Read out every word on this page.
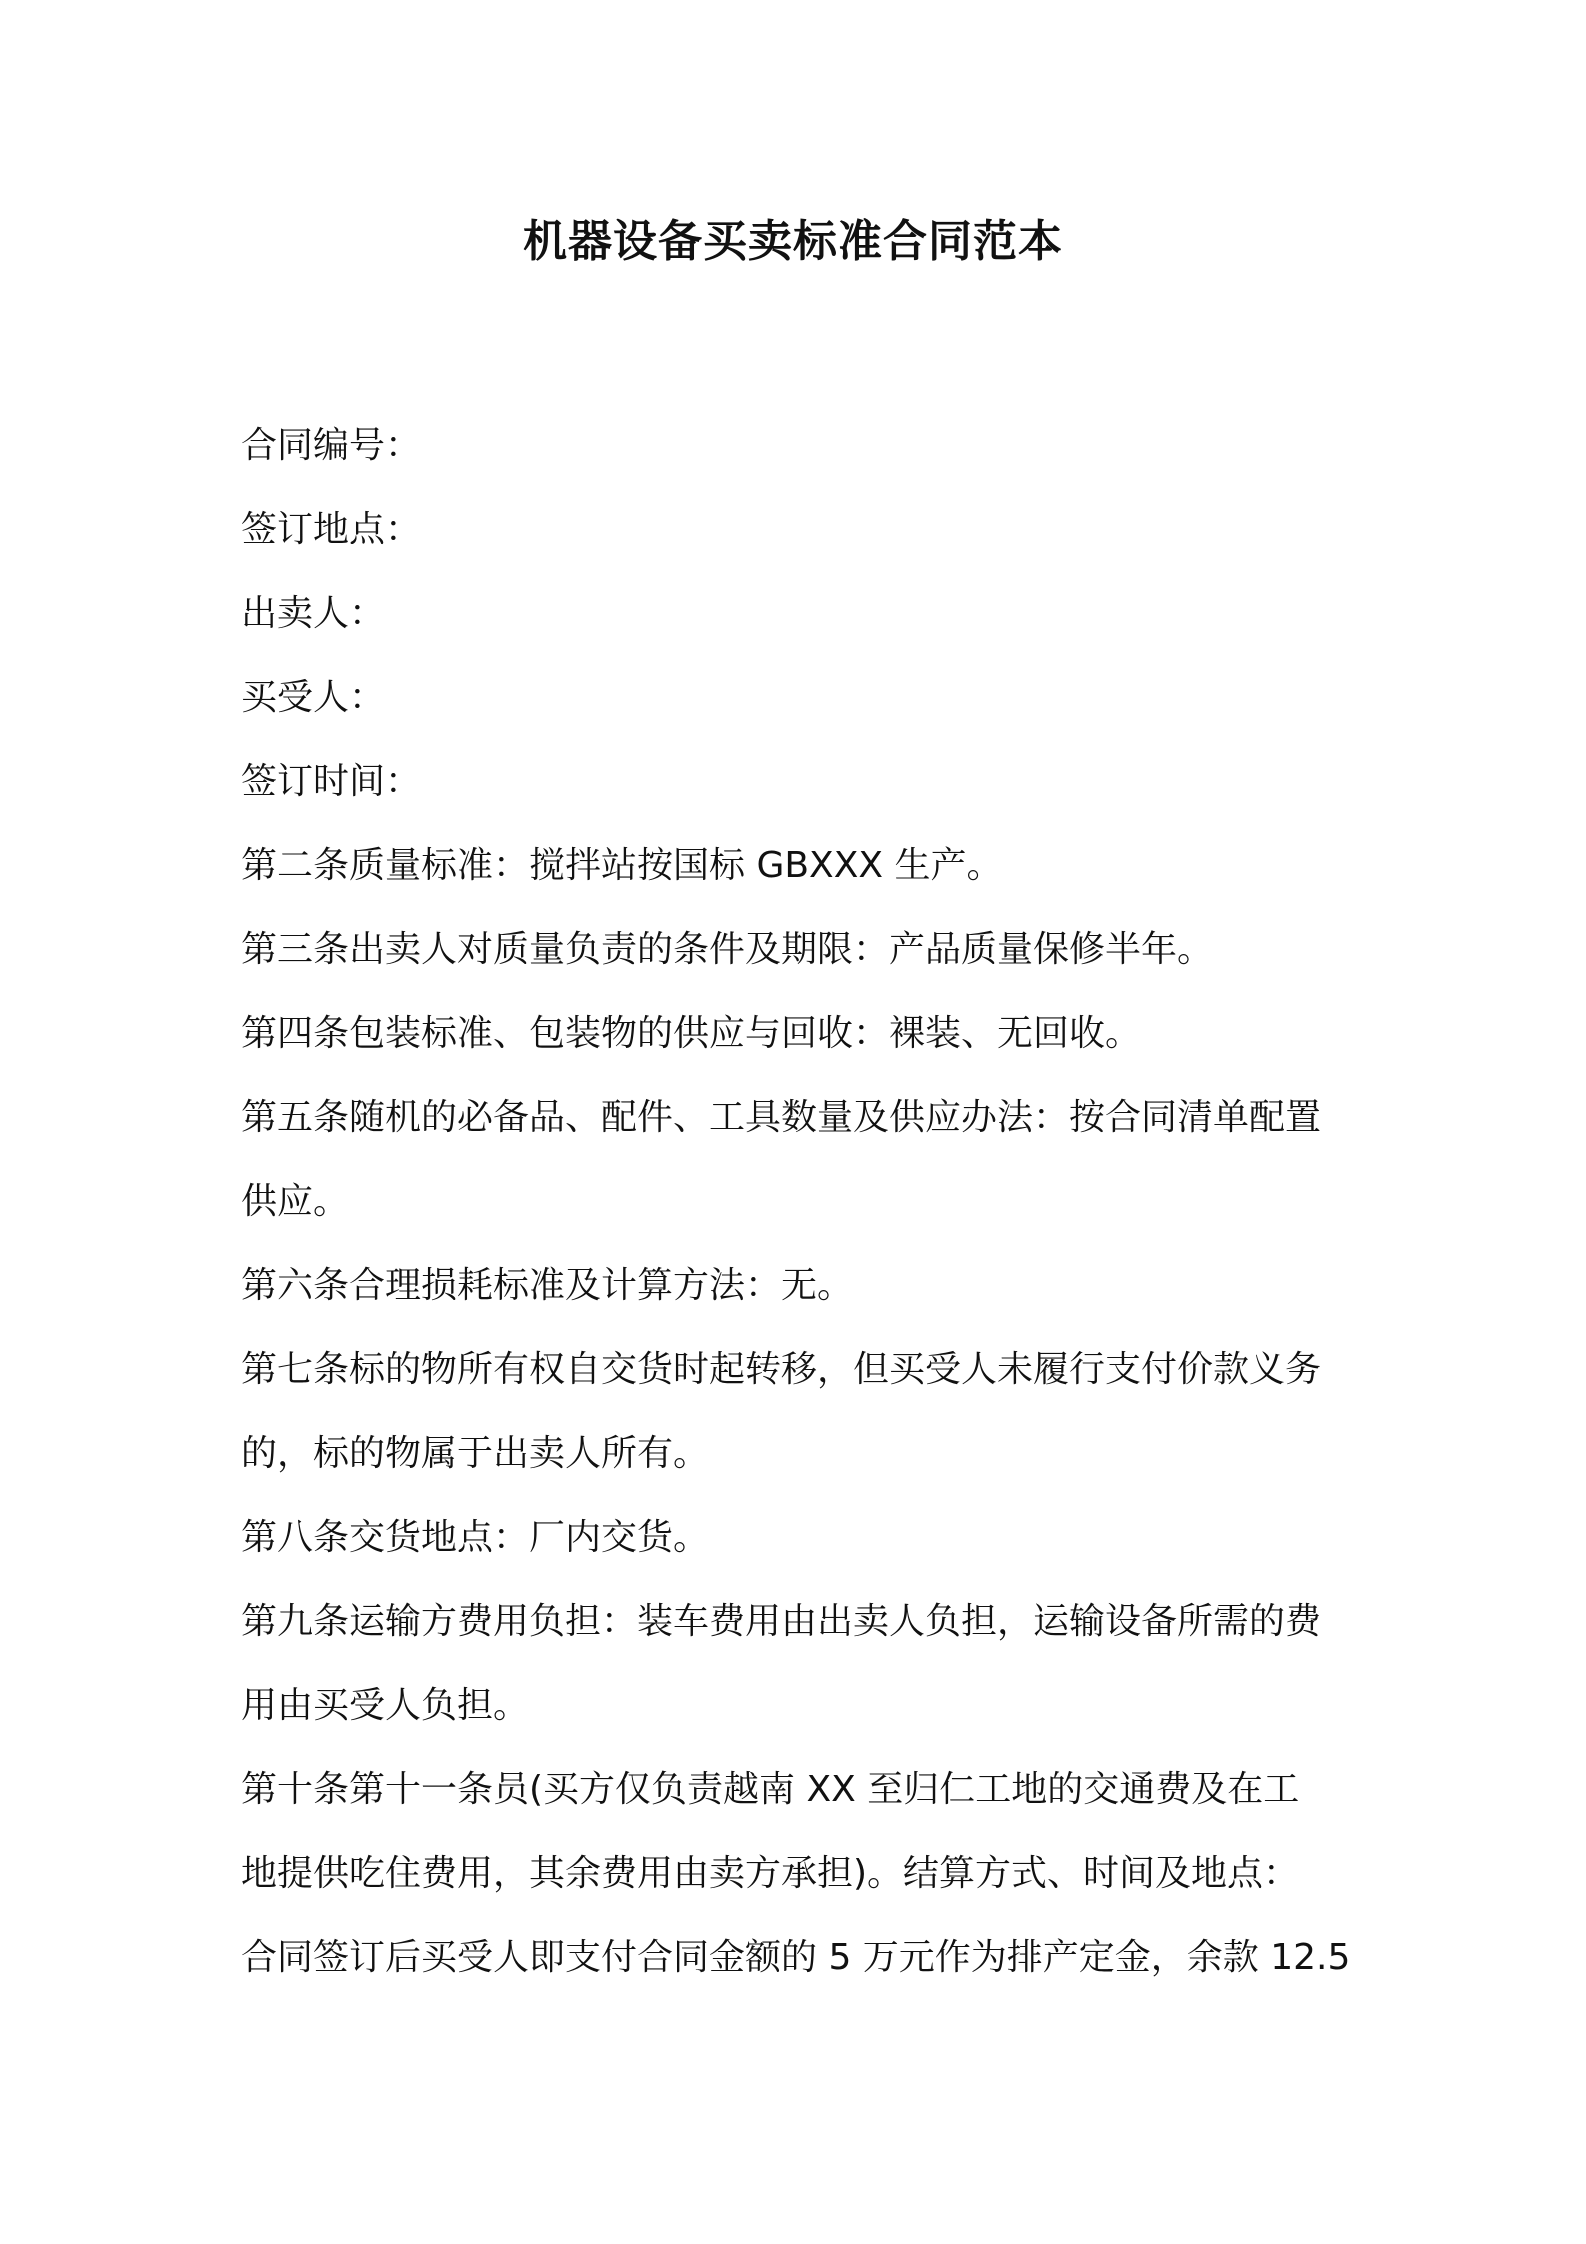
机器设备买卖标准合同范本
合同编号：
签订地点：
出卖人：
买受人：
签订时间：
第二条质量标准：搅拌站按国标 GBXXX 生产。
第三条出卖人对质量负责的条件及期限：产品质量保修半年。
第四条包装标准、包装物的供应与回收：裸装、无回收。
第五条随机的必备品、配件、工具数量及供应办法：按合同清单配置
供应。
第六条合理损耗标准及计算方法：无。
第七条标的物所有权自交货时起转移，但买受人未履行支付价款义务
的，标的物属于出卖人所有。
第八条交货地点：厂内交货。
第九条运输方费用负担：装车费用由出卖人负担，运输设备所需的费
用由买受人负担。
第十条第十一条员(买方仅负责越南 XX 至归仁工地的交通费及在工
地提供吃住费用，其余费用由卖方承担)。结算方式、时间及地点：
合同签订后买受人即支付合同金额的 5 万元作为排产定金，余款 12.5
